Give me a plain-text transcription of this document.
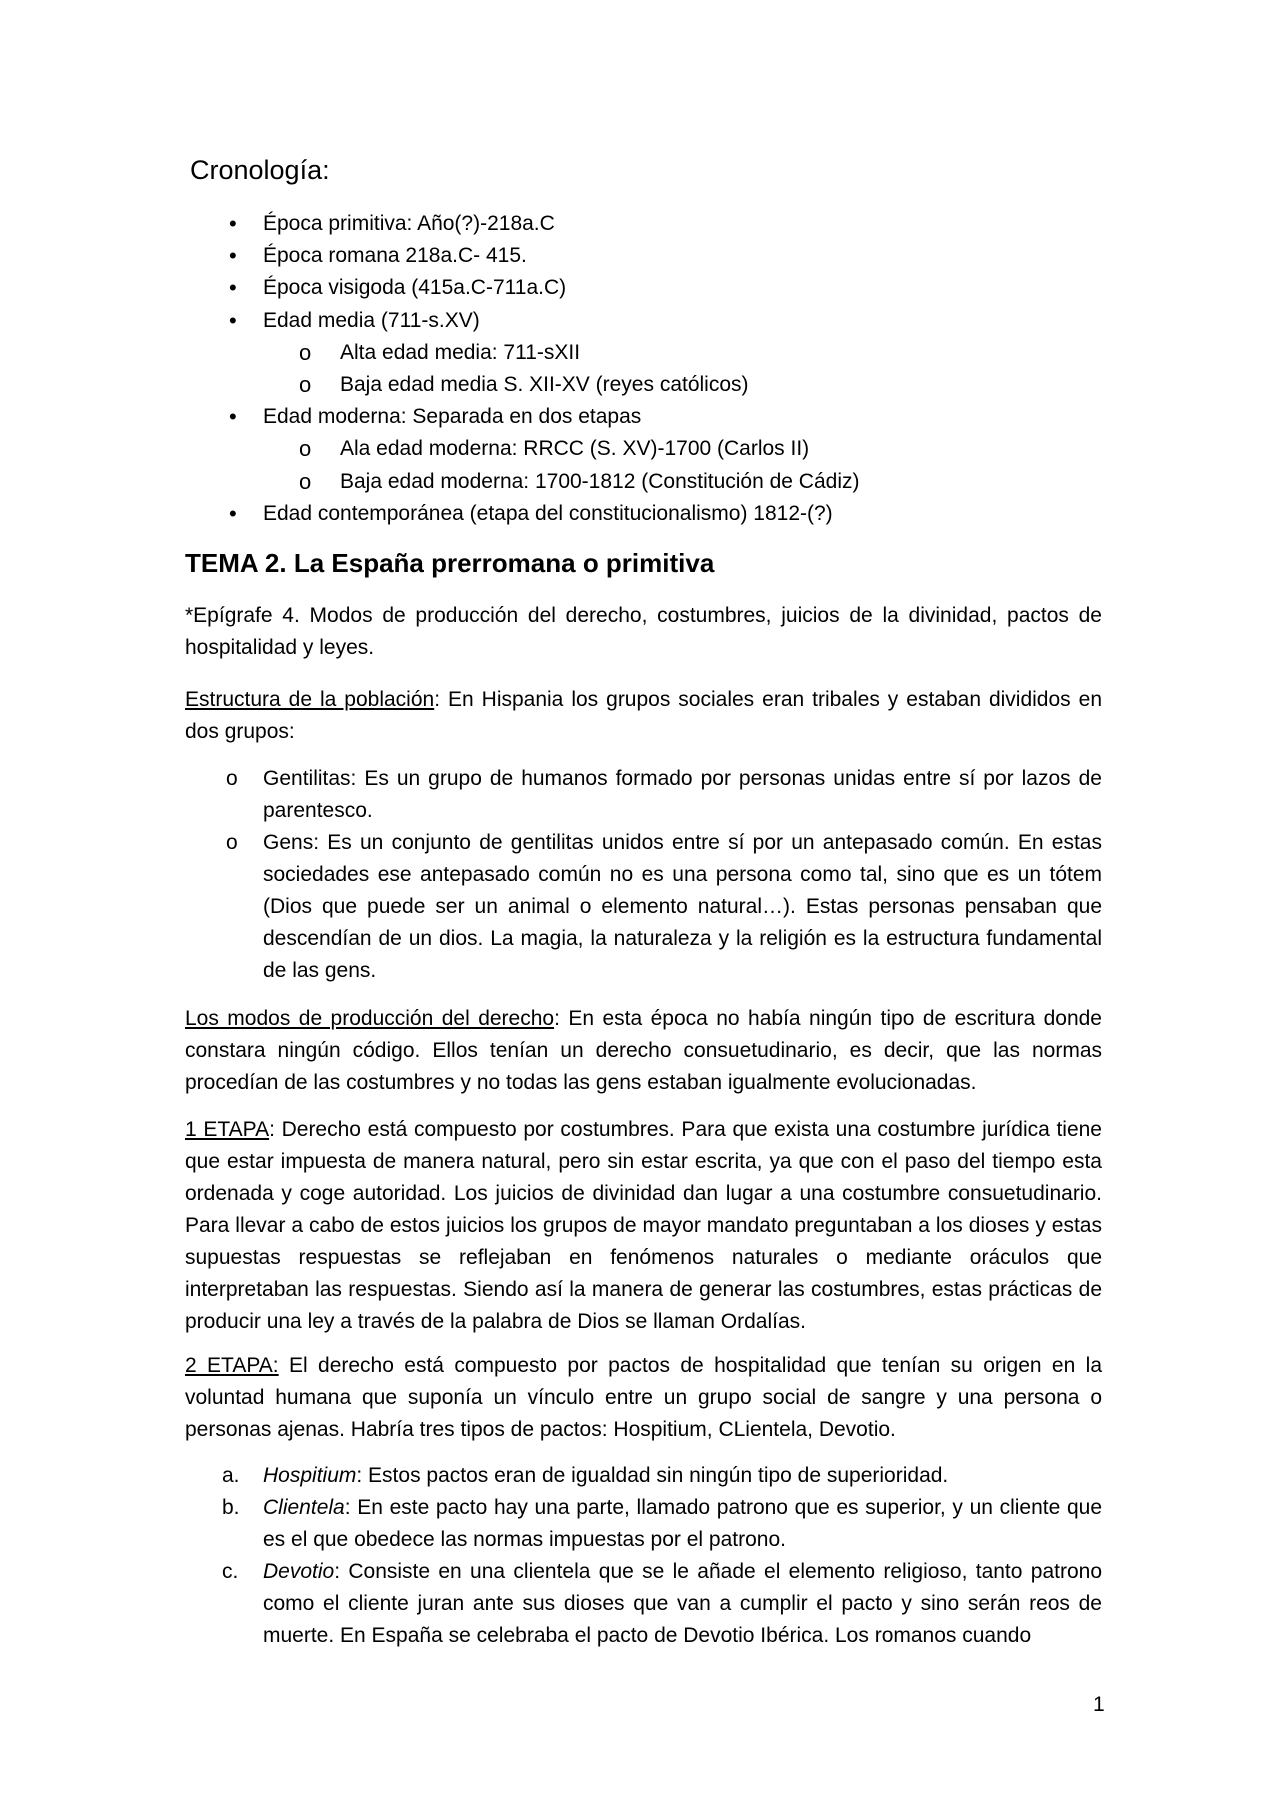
Cronología:
• Época primitiva: Año(?)-218a.C
• Época romana 218a.C- 415.
• Época visigoda (415a.C-711a.C)
• Edad media (711-s.XV)
o Alta edad media: 711-sXII
o Baja edad media S. XII-XV (reyes católicos)
• Edad moderna: Separada en dos etapas
o Ala edad moderna: RRCC (S. XV)-1700 (Carlos II)
o Baja edad moderna: 1700-1812 (Constitución de Cádiz)
• Edad contemporánea (etapa del constitucionalismo) 1812-(?)
TEMA 2. La España prerromana o primitiva

*Epígrafe 4. Modos de producción del derecho, costumbres, juicios de la divinidad, pactos de hospitalidad y leyes.

Estructura de la población: En Hispania los grupos sociales eran tribales y estaban divididos en dos grupos:

o Gentilitas: Es un grupo de humanos formado por personas unidas entre sí por lazos de parentesco.
o Gens: Es un conjunto de gentilitas unidos entre sí por un antepasado común. En estas sociedades ese antepasado común no es una persona como tal, sino que es un tótem (Dios que puede ser un animal o elemento natural…). Estas personas pensaban que descendían de un dios. La magia, la naturaleza y la religión es la estructura fundamental de las gens.

Los modos de producción del derecho: En esta época no había ningún tipo de escritura donde constara ningún código. Ellos tenían un derecho consuetudinario, es decir, que las normas procedían de las costumbres y no todas las gens estaban igualmente evolucionadas.

1 ETAPA: Derecho está compuesto por costumbres. Para que exista una costumbre jurídica tiene que estar impuesta de manera natural, pero sin estar escrita, ya que con el paso del tiempo esta ordenada y coge autoridad. Los juicios de divinidad dan lugar a una costumbre consuetudinario. Para llevar a cabo de estos juicios los grupos de mayor mandato preguntaban a los dioses y estas supuestas respuestas se reflejaban en fenómenos naturales o mediante oráculos que interpretaban las respuestas. Siendo así la manera de generar las costumbres, estas prácticas de producir una ley a través de la palabra de Dios se llaman Ordalías.

2 ETAPA: El derecho está compuesto por pactos de hospitalidad que tenían su origen en la voluntad humana que suponía un vínculo entre un grupo social de sangre y una persona o personas ajenas. Habría tres tipos de pactos: Hospitium, CLientela, Devotio.

a. Hospitium: Estos pactos eran de igualdad sin ningún tipo de superioridad.
b. Clientela: En este pacto hay una parte, llamado patrono que es superior, y un cliente que es el que obedece las normas impuestas por el patrono.
c. Devotio: Consiste en una clientela que se le añade el elemento religioso, tanto patrono como el cliente juran ante sus dioses que van a cumplir el pacto y sino serán reos de muerte. En España se celebraba el pacto de Devotio Ibérica. Los romanos cuando
1
